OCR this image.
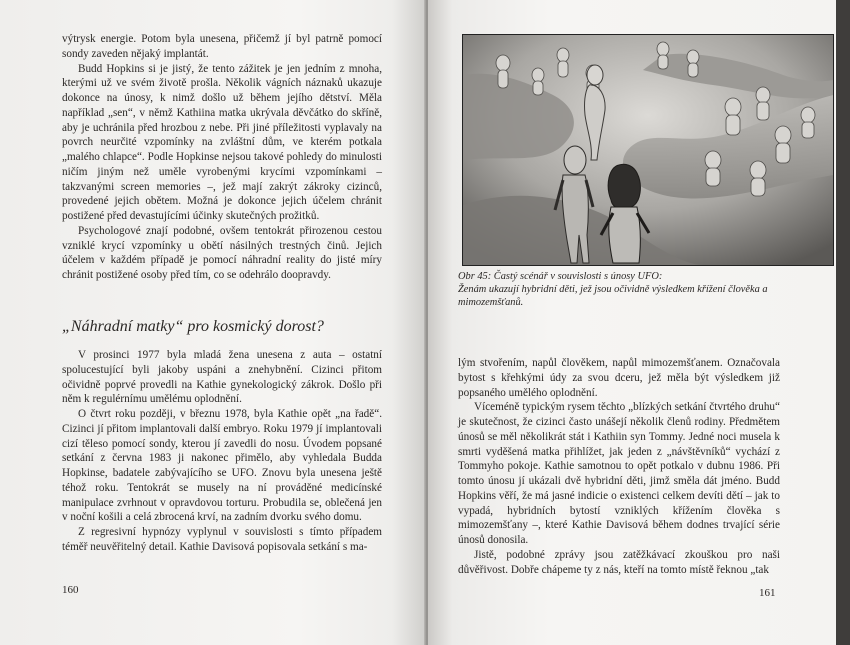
výtrysk energie. Potom byla unesena, přičemž jí byl patrně pomocí sondy zaveden nějaký implantát.

Budd Hopkins si je jistý, že tento zážitek je jen jedním z mnoha, kterými už ve svém životě prošla. Několik vágních náznaků ukazuje dokonce na únosy, k nimž došlo už během jejího dětství. Měla například „sen“, v němž Kathiina matka ukrývala děvčátko do skříně, aby je uchránila před hrozbou z nebe. Při jiné příležitosti vyplavaly na povrch neurčité vzpomínky na zvláštní dům, ve kterém potkala „malého chlapce“. Podle Hopkinse nejsou takové pohledy do minulosti ničím jiným než uměle vyrobenými krycími vzpomínkami – takzvanými screen memories –, jež mají zakrýt zákroky cizinců, provedené jejich obětem. Možná je dokonce jejich účelem chránit postižené před devastujícími účinky skutečných prožitků.

Psychologové znají podobné, ovšem tentokrát přirozenou cestou vzniklé krycí vzpomínky u obětí násilných trestných činů. Jejich účelem v každém případě je pomocí náhradní reality do jisté míry chránit postižené osoby před tím, co se odehrálo doopravdy.

„Náhradní matky“ pro kosmický dorost?

V prosinci 1977 byla mladá žena unesena z auta – ostatní spolucestující byli jakoby uspáni a znehybnění. Cizinci přitom očividně poprvé provedli na Kathie gynekologický zákrok. Došlo při něm k regulérnímu umělému oplodnění.

O čtvrt roku později, v březnu 1978, byla Kathie opět „na řadě“. Cizinci jí přitom implantovali další embryo. Roku 1979 jí implantovali cizí těleso pomocí sondy, kterou jí zavedli do nosu. Úvodem popsané setkání z června 1983 ji nakonec přimělo, aby vyhledala Budda Hopkinse, badatele zabývajícího se UFO. Znovu byla unesena ještě téhož roku. Tentokrát se musely na ní prováděné medicínské manipulace zvrhnout v opravdovou torturu. Probudila se, oblečená jen v noční košili a celá zbrocená krví, na zadním dvorku svého domu.

Z regresivní hypnózy vyplynul v souvislosti s tímto případem téměř neuvěřitelný detail. Kathie Davisová popisovala setkání s ma-

160

Obr 45: Častý scénář v souvislosti s únosy UFO:

Ženám ukazují hybridní děti, jež jsou očividně výsledkem křížení člověka a mimozemšťanů.

lým stvořením, napůl člověkem, napůl mimozemšťanem. Označovala bytost s křehkými údy za svou dceru, jež měla být výsledkem již popsaného umělého oplodnění.

Víceméně typickým rysem těchto „blízkých setkání čtvrtého druhu“ je skutečnost, že cizinci často unášejí několik členů rodiny. Předmětem únosů se měl několikrát stát i Kathiin syn Tommy. Jedné noci musela k smrti vyděšená matka přihlížet, jak jeden z „návštěvníků“ vychází z Tommyho pokoje. Kathie samotnou to opět potkalo v dubnu 1986. Při tomto únosu jí ukázali dvě hybridní děti, jimž směla dát jméno. Budd Hopkins věří, že má jasné indicie o existenci celkem devíti dětí – jak to vypadá, hybridních bytostí vzniklých křížením člověka s mimozemšťany –, které Kathie Davisová během dodnes trvající série únosů donosila.

Jistě, podobné zprávy jsou zatěžkávací zkouškou pro naši důvěřivost. Dobře chápeme ty z nás, kteří na tomto místě řeknou „tak

161
